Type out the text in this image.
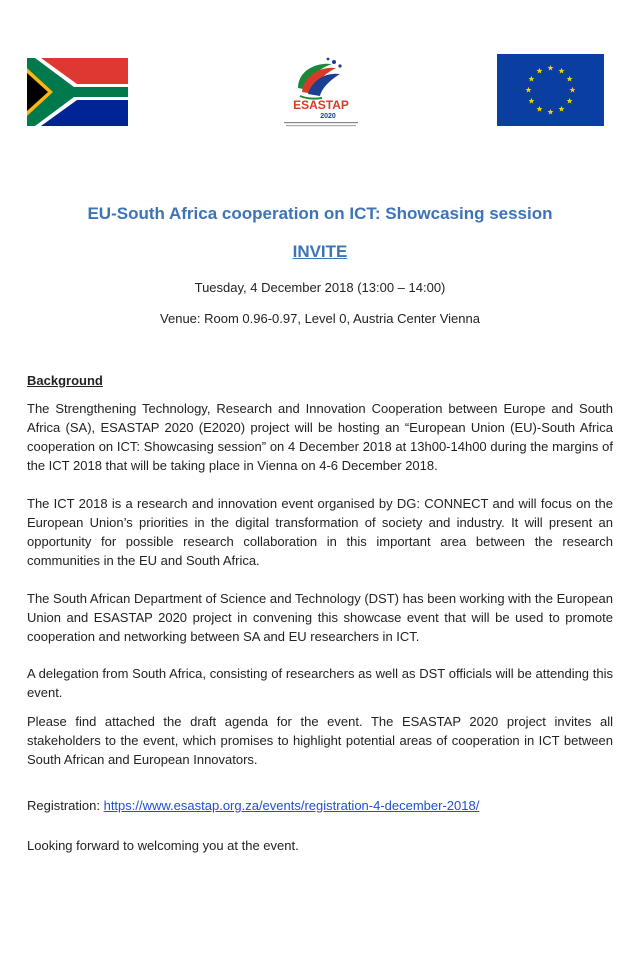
ESASTAP
2020
EU-South Africa cooperation on ICT: Showcasing session
INVITE
Tuesday, 4 December 2018 (13:00 – 14:00)
Venue: Room 0.96-0.97, Level 0, Austria Center Vienna
Background
The Strengthening Technology, Research and Innovation Cooperation between Europe and South Africa (SA), ESASTAP 2020 (E2020) project will be hosting an “European Union (EU)-South Africa cooperation on ICT: Showcasing session” on 4 December 2018 at 13h00-14h00 during the margins of the ICT 2018 that will be taking place in Vienna on 4-6 December 2018.
The ICT 2018 is a research and innovation event organised by DG: CONNECT and will focus on the European Union’s priorities in the digital transformation of society and industry. It will present an opportunity for possible research collaboration in this important area between the research communities in the EU and South Africa.
The South African Department of Science and Technology (DST) has been working with the European Union and ESASTAP 2020 project in convening this showcase event that will be used to promote cooperation and networking between SA and EU researchers in ICT.
A delegation from South Africa, consisting of researchers as well as DST officials will be attending this event.
Please find attached the draft agenda for the event. The ESASTAP 2020 project invites all stakeholders to the event, which promises to highlight potential areas of cooperation in ICT between South African and European Innovators.
Registration: https://www.esastap.org.za/events/registration-4-december-2018/
Looking forward to welcoming you at the event.
